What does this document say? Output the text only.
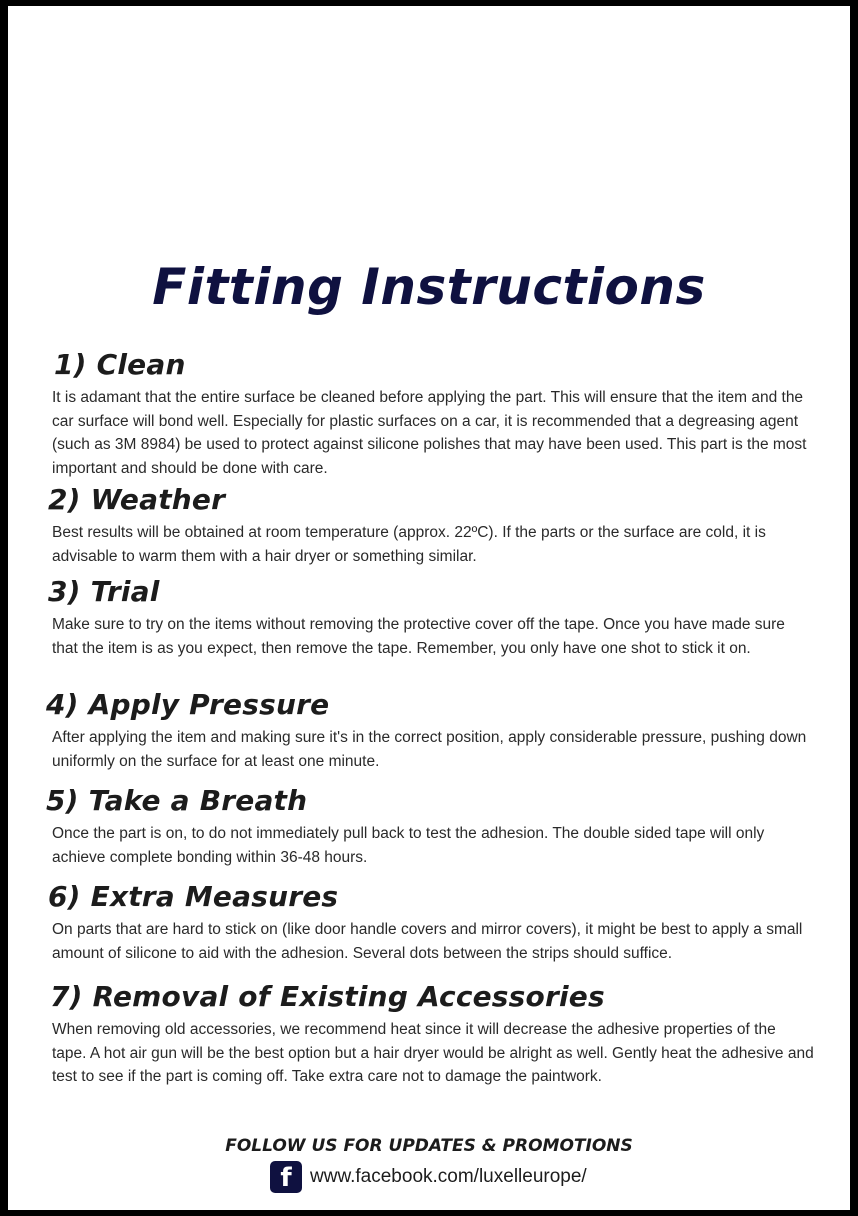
Fitting Instructions
1) Clean

It is adamant that the entire surface be cleaned before applying the part. This will ensure that the item and the car surface will bond well. Especially for plastic surfaces on a car, it is recommended that a degreasing agent (such as 3M 8984) be used to protect against silicone polishes that may have been used. This part is the most important and should be done with care.

2) Weather

Best results will be obtained at room temperature (approx. 22ºC). If the parts or the surface are cold, it is advisable to warm them with a hair dryer or something similar.

3) Trial

Make sure to try on the items without removing the protective cover off the tape. Once you have made sure that the item is as you expect, then remove the tape. Remember, you only have one shot to stick it on.

4) Apply Pressure

After applying the item and making sure it's in the correct position, apply considerable pressure, pushing down uniformly on the surface for at least one minute.

5) Take a Breath

Once the part is on, to do not immediately pull back to test the adhesion. The double sided tape will only achieve complete bonding within 36-48 hours.

6) Extra Measures

On parts that are hard to stick on (like door handle covers and mirror covers), it might be best to apply a small amount of silicone to aid with the adhesion. Several dots between the strips should suffice.

7) Removal of Existing Accessories

When removing old accessories, we recommend heat since it will decrease the adhesive properties of the tape. A hot air gun will be the best option but a hair dryer would be alright as well. Gently heat the adhesive and test to see if the part is coming off. Take extra care not to damage the paintwork.

FOLLOW US FOR UPDATES & PROMOTIONS
f www.facebook.com/luxelleurope/
